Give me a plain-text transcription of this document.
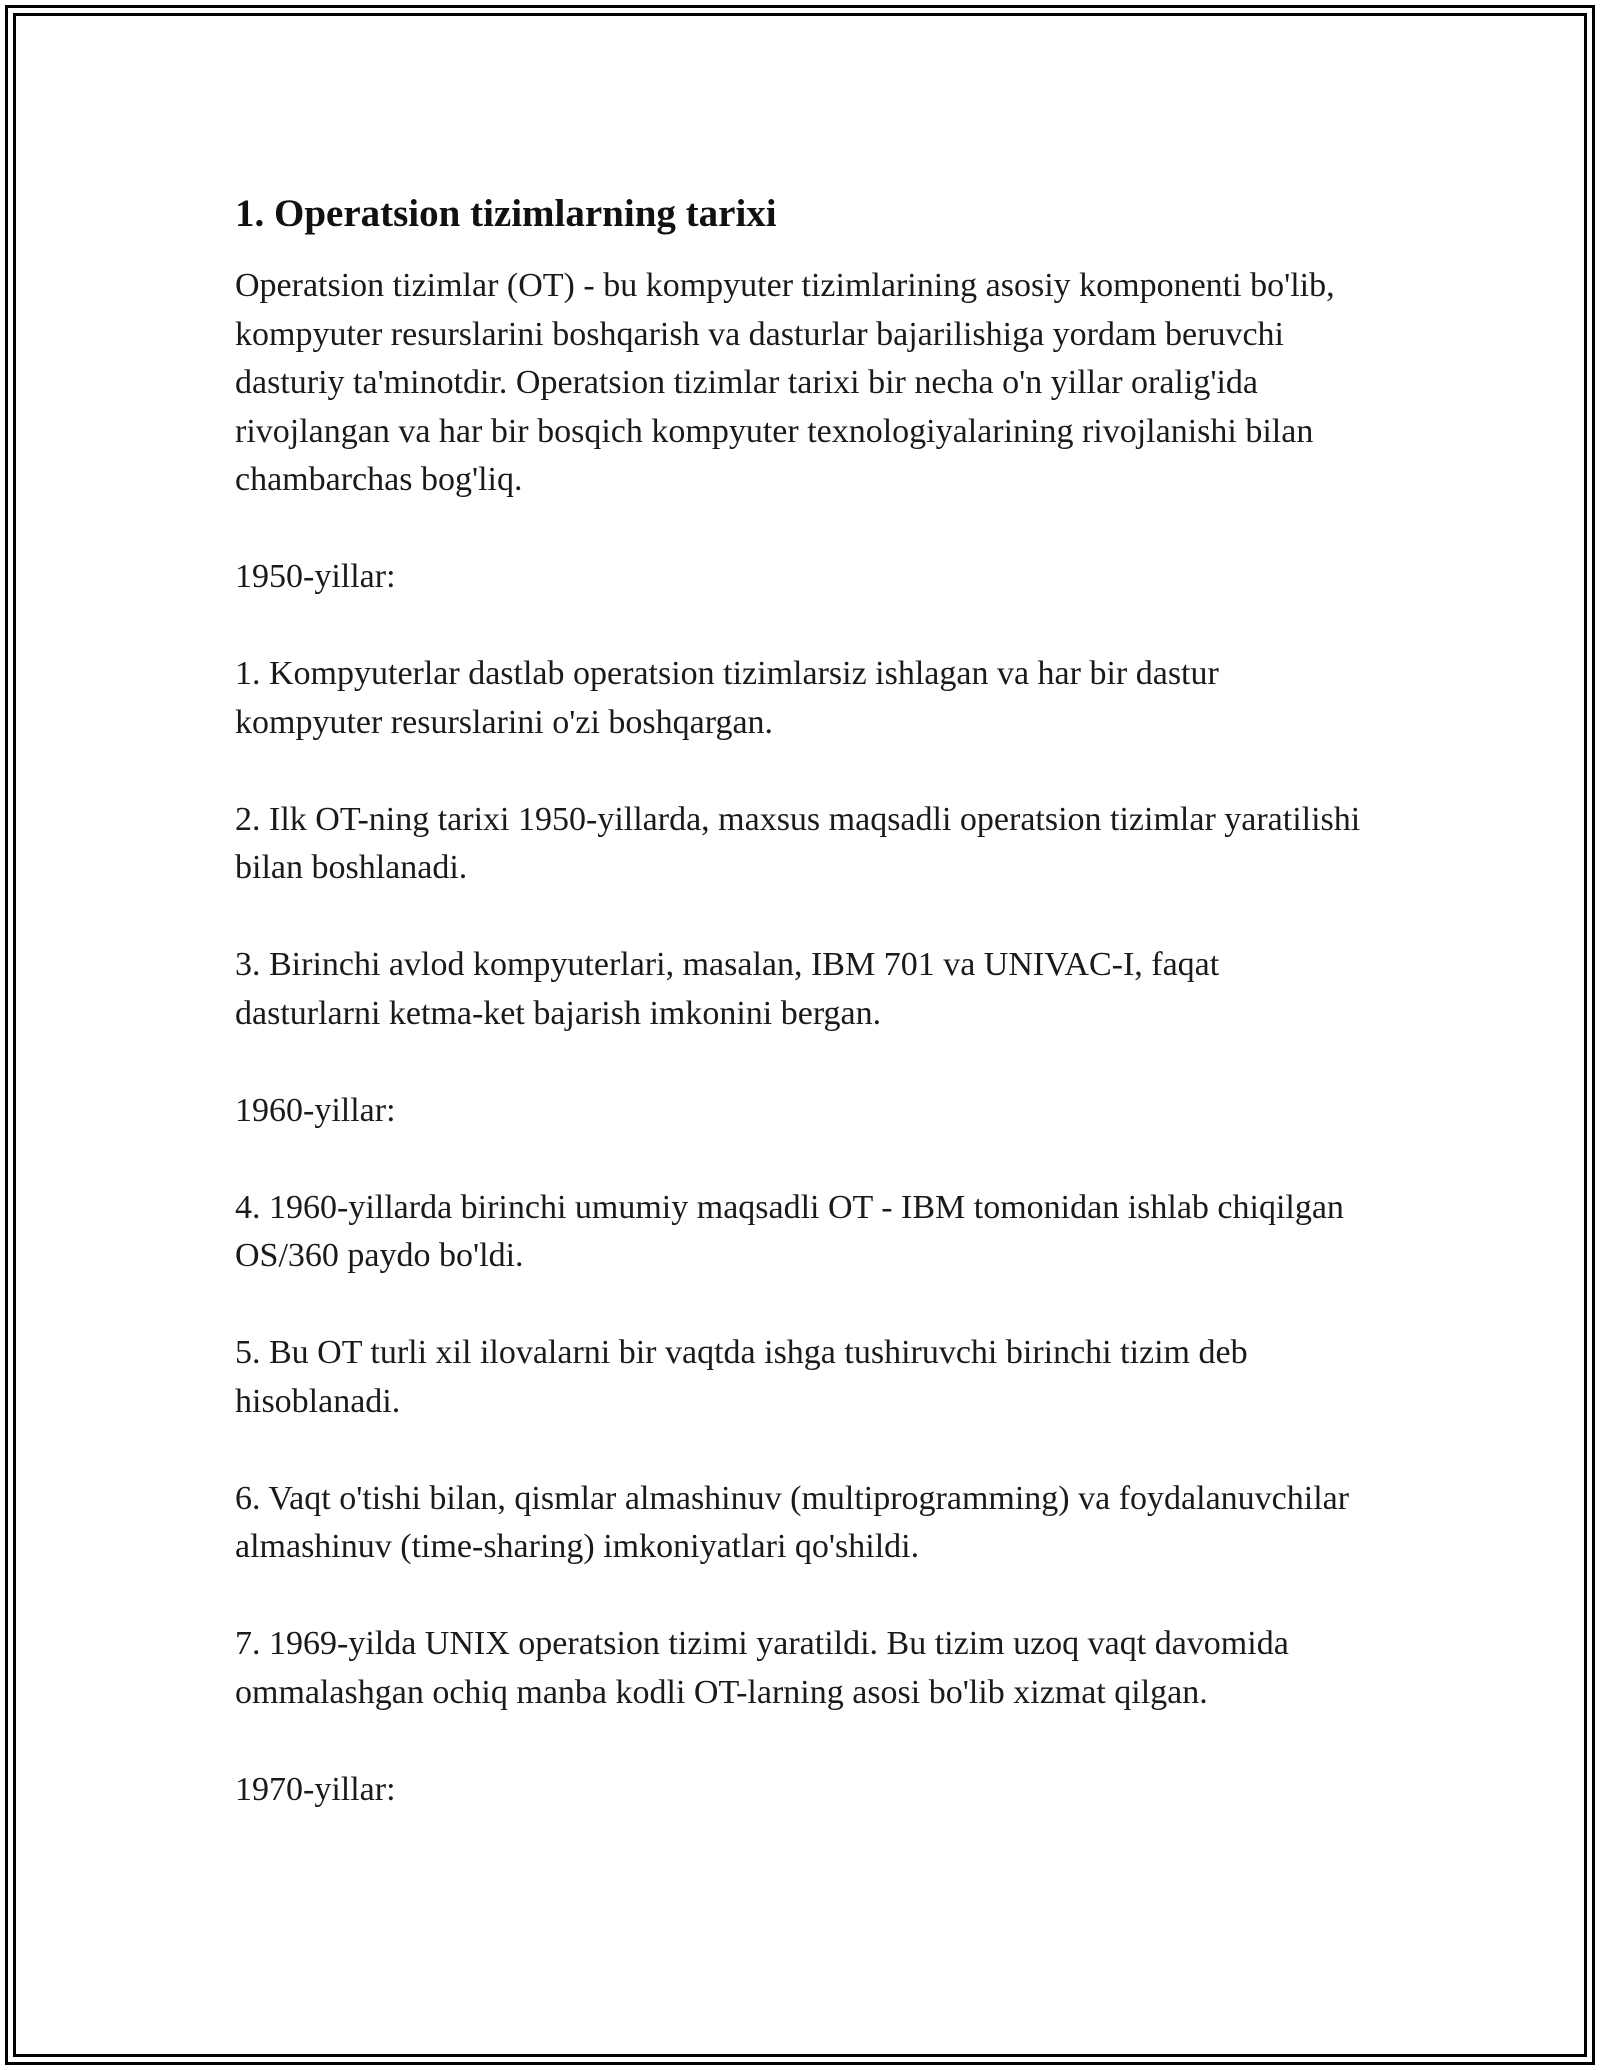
1. Operatsion tizimlarning tarixi

Operatsion tizimlar (OT) - bu kompyuter tizimlarining asosiy komponenti bo'lib, kompyuter resurslarini boshqarish va dasturlar bajarilishiga yordam beruvchi dasturiy ta'minotdir. Operatsion tizimlar tarixi bir necha o'n yillar oralig'ida rivojlangan va har bir bosqich kompyuter texnologiyalarining rivojlanishi bilan chambarchas bog'liq.

1950-yillar:

1. Kompyuterlar dastlab operatsion tizimlarsiz ishlagan va har bir dastur kompyuter resurslarini o'zi boshqargan.

2. Ilk OT-ning tarixi 1950-yillarda, maxsus maqsadli operatsion tizimlar yaratilishi bilan boshlanadi.

3. Birinchi avlod kompyuterlari, masalan, IBM 701 va UNIVAC-I, faqat dasturlarni ketma-ket bajarish imkonini bergan.

1960-yillar:

4. 1960-yillarda birinchi umumiy maqsadli OT - IBM tomonidan ishlab chiqilgan OS/360 paydo bo'ldi.

5. Bu OT turli xil ilovalarni bir vaqtda ishga tushiruvchi birinchi tizim deb hisoblanadi.

6. Vaqt o'tishi bilan, qismlar almashinuv (multiprogramming) va foydalanuvchilar almashinuv (time-sharing) imkoniyatlari qo'shildi.

7. 1969-yilda UNIX operatsion tizimi yaratildi. Bu tizim uzoq vaqt davomida ommalashgan ochiq manba kodli OT-larning asosi bo'lib xizmat qilgan.

1970-yillar:
